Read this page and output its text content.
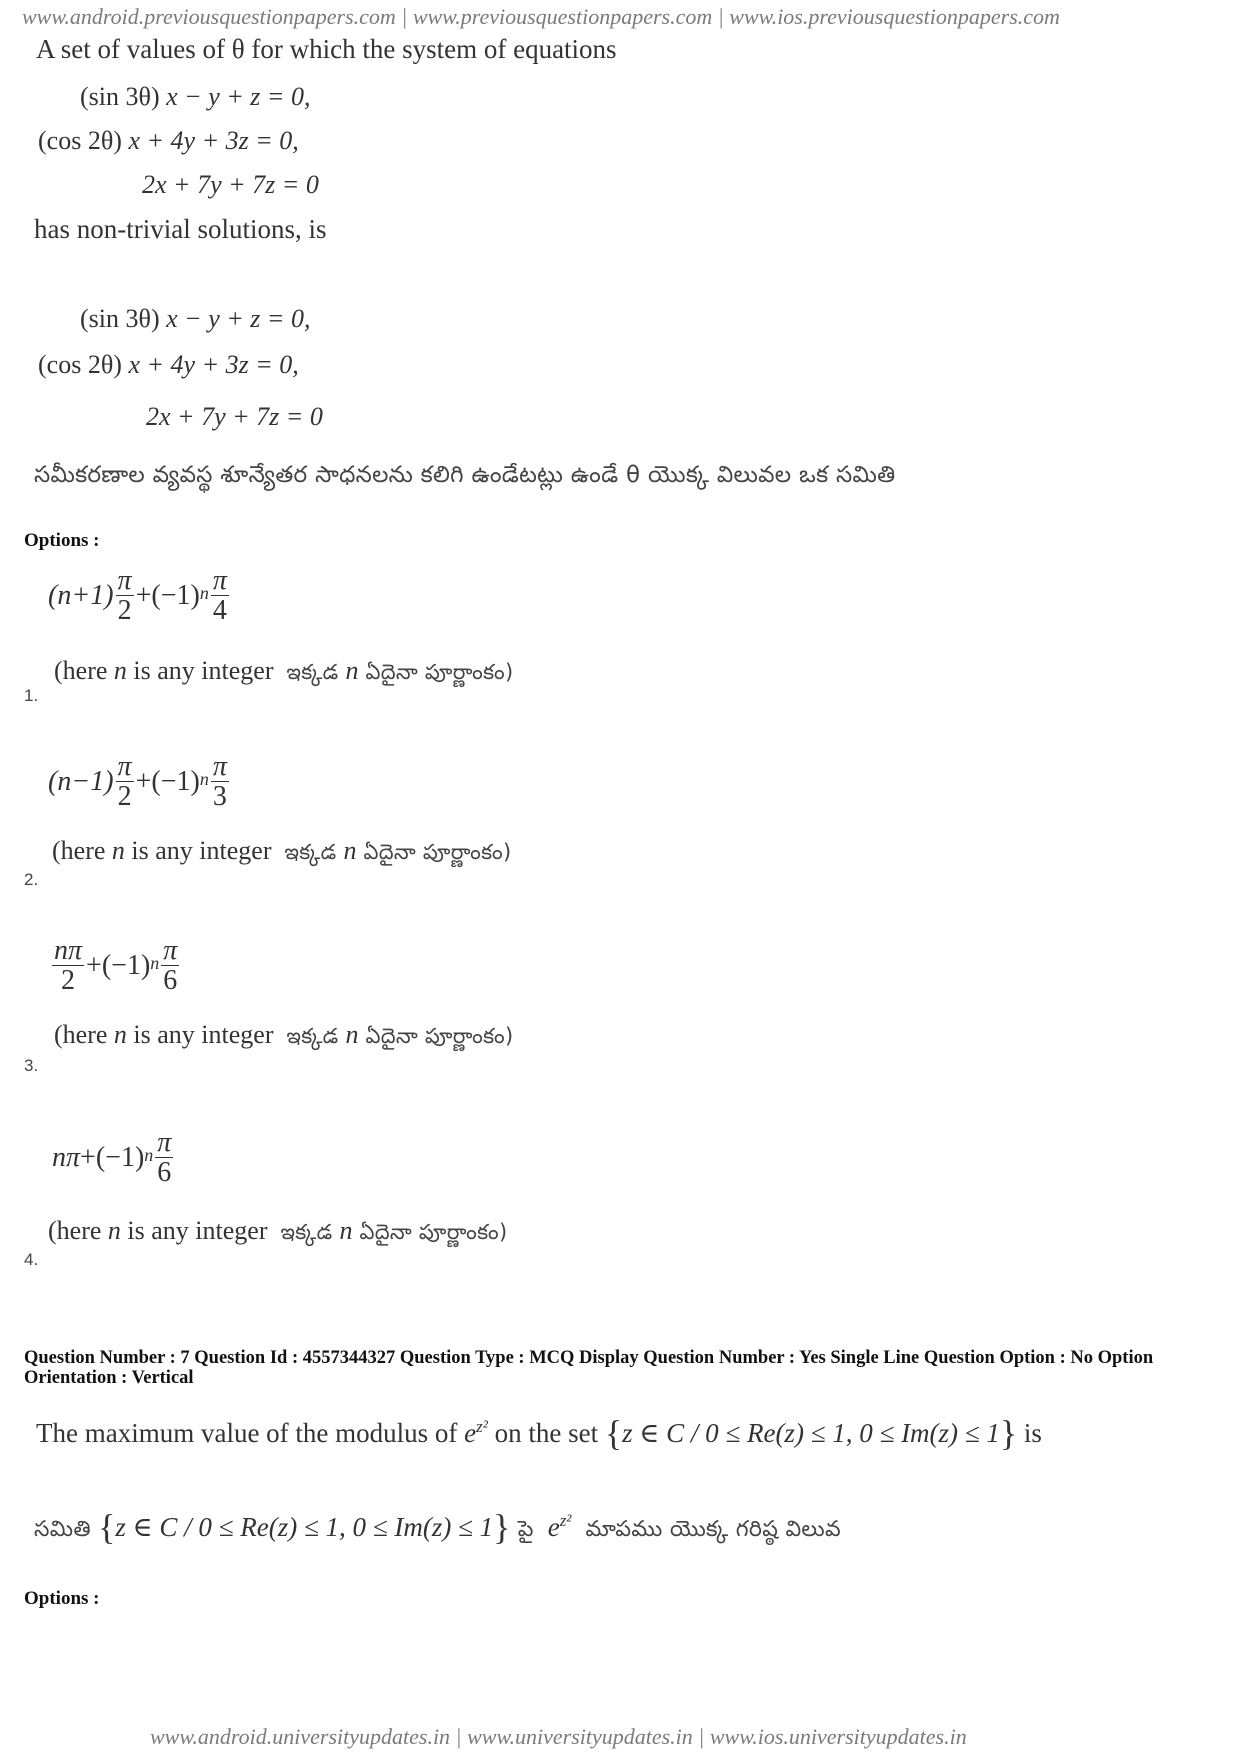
www.android.previousquestionpapers.com | www.previousquestionpapers.com | www.ios.previousquestionpapers.com
A set of values of θ for which the system of equations
(sin 3θ) x − y + z = 0,
(cos 2θ) x + 4y + 3z = 0,
2x + 7y + 7z = 0
has non-trivial solutions, is
(sin 3θ) x − y + z = 0,
(cos 2θ) x + 4y + 3z = 0,
2x + 7y + 7z = 0
సమీకరణాల వ్యవస్థ శూన్యేతర సాధనలను కలిగి ఉండేటట్లు ఉండే θ యొక్క విలువల ఒక సమితి
Options :
$(n+1) \frac{\pi}{2} +(-1)^n \frac{\pi}{4}$
(here n is any integer ఇక్కడ n ఏదైనా పూర్ణాంకం)
1.
$(n-1) \frac{\pi}{2} +(-1)^n \frac{\pi}{3}$
(here n is any integer ఇక్కడ n ఏదైనా పూర్ణాంకం)
2.
$\frac{n\pi}{2} +(-1)^n \frac{\pi}{6}$
(here n is any integer ఇక్కడ n ఏదైనా పూర్ణాంకం)
3.
$n\pi +(-1)^n \frac{\pi}{6}$
(here n is any integer ఇక్కడ n ఏదైనా పూర్ణాంకం)
4.
Question Number : 7 Question Id : 4557344327 Question Type : MCQ Display Question Number : Yes Single Line Question Option : No Option Orientation : Vertical
The maximum value of the modulus of $e^{z^2}$ on the set {z ∈ C / 0 ≤ Re(z) ≤ 1, 0 ≤ Im(z) ≤ 1} is
సమితి {z ∈ C / 0 ≤ Re(z) ≤ 1, 0 ≤ Im(z) ≤ 1} పై  $e^{z^2}$  మాపము యొక్క గరిష్ఠ విలువ
Options :
www.android.universityupdates.in | www.universityupdates.in | www.ios.universityupdates.in
